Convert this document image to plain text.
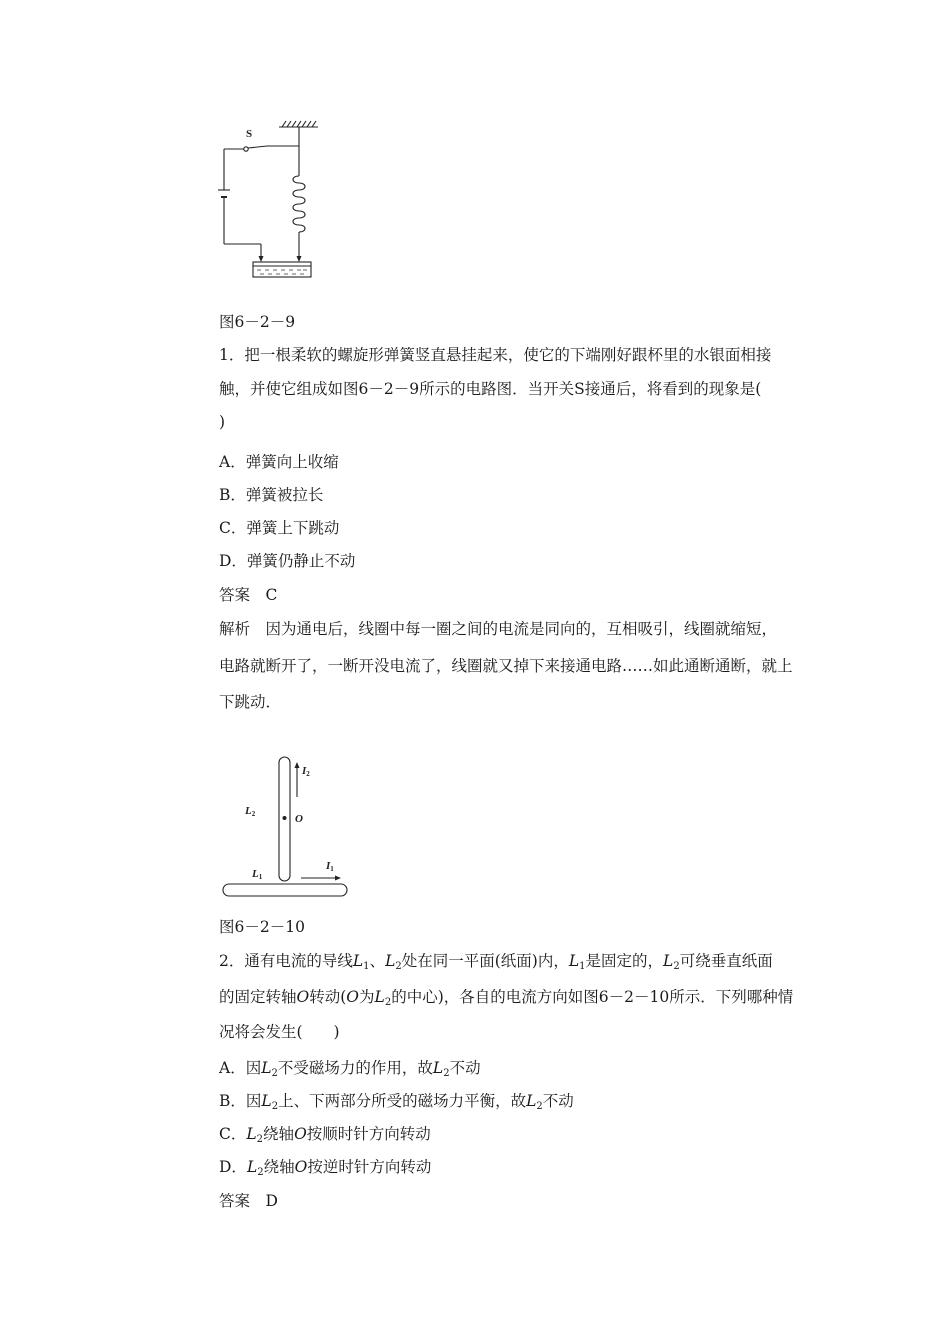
S
图6－2－9
1．把一根柔软的螺旋形弹簧竖直悬挂起来，使它的下端刚好跟杯里的水银面相接
触，并使它组成如图6－2－9所示的电路图．当开关S接通后，将看到的现象是(
)
A．弹簧向上收缩
B．弹簧被拉长
C．弹簧上下跳动
D．弹簧仍静止不动
答案　C
解析　因为通电后，线圈中每一圈之间的电流是同向的，互相吸引，线圈就缩短，
电路就断开了，一断开没电流了，线圈就又掉下来接通电路……如此通断通断，就上
下跳动．
I2
L2	O
L1
I1
图6－2－10
2．通有电流的导线$L_1$、$L_2$处在同一平面(纸面)内，$L_1$是固定的，$L_2$可绕垂直纸面
的固定转轴O转动(O为$L_2$的中心)，各自的电流方向如图6－2－10所示．下列哪种情
况将会发生(　　)
A．因$L_2$不受磁场力的作用，故$L_2$不动
B．因$L_2$上、下两部分所受的磁场力平衡，故$L_2$不动
C．$L_2$绕轴O按顺时针方向转动
D．$L_2$绕轴O按逆时针方向转动
答案　D
